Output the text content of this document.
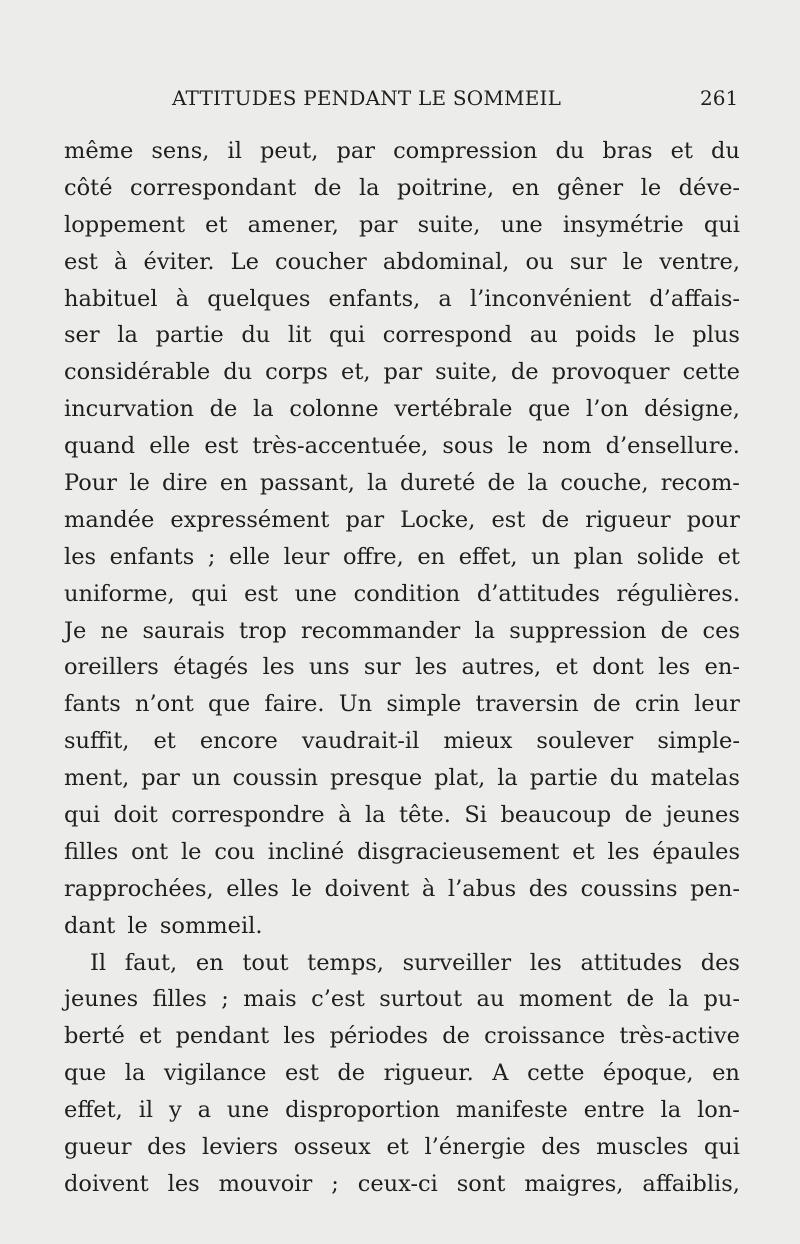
ATTITUDES PENDANT LE SOMMEIL	261
même sens, il peut, par compression du bras et du
côté correspondant de la poitrine, en gêner le déve-
loppement et amener, par suite, une insymétrie qui
est à éviter. Le coucher abdominal, ou sur le ventre,
habituel à quelques enfants, a l’inconvénient d’affais-
ser la partie du lit qui correspond au poids le plus
considérable du corps et, par suite, de provoquer cette
incurvation de la colonne vertébrale que l’on désigne,
quand elle est très-accentuée, sous le nom d’ensellure.
Pour le dire en passant, la dureté de la couche, recom-
mandée expressément par Locke, est de rigueur pour
les enfants ; elle leur offre, en effet, un plan solide et
uniforme, qui est une condition d’attitudes régulières.
Je ne saurais trop recommander la suppression de ces
oreillers étagés les uns sur les autres, et dont les en-
fants n’ont que faire. Un simple traversin de crin leur
suffit, et encore vaudrait-il mieux soulever simple-
ment, par un coussin presque plat, la partie du matelas
qui doit correspondre à la tête. Si beaucoup de jeunes
filles ont le cou incliné disgracieusement et les épaules
rapprochées, elles le doivent à l’abus des coussins pen-
dant le sommeil.
Il faut, en tout temps, surveiller les attitudes des
jeunes filles ; mais c’est surtout au moment de la pu-
berté et pendant les périodes de croissance très-active
que la vigilance est de rigueur. A cette époque, en
effet, il y a une disproportion manifeste entre la lon-
gueur des leviers osseux et l’énergie des muscles qui
doivent les mouvoir ; ceux-ci sont maigres, affaiblis,
